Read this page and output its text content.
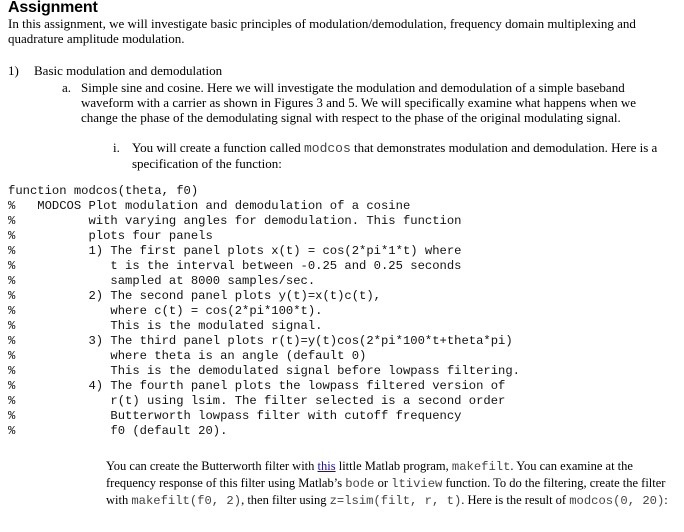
Assignment
In this assignment, we will investigate basic principles of modulation/demodulation, frequency domain multiplexing and quadrature amplitude modulation.
1) Basic modulation and demodulation
a. Simple sine and cosine. Here we will investigate the modulation and demodulation of a simple baseband waveform with a carrier as shown in Figures 3 and 5. We will specifically examine what happens when we change the phase of the demodulating signal with respect to the phase of the original modulating signal.
i. You will create a function called modcos that demonstrates modulation and demodulation. Here is a specification of the function:
function modcos(theta, f0)
%   MODCOS Plot modulation and demodulation of a cosine
%          with varying angles for demodulation. This function
%          plots four panels
%          1) The first panel plots x(t) = cos(2*pi*1*t) where
%             t is the interval between -0.25 and 0.25 seconds
%             sampled at 8000 samples/sec.
%          2) The second panel plots y(t)=x(t)c(t),
%             where c(t) = cos(2*pi*100*t).
%             This is the modulated signal.
%          3) The third panel plots r(t)=y(t)cos(2*pi*100*t+theta*pi)
%             where theta is an angle (default 0)
%             This is the demodulated signal before lowpass filtering.
%          4) The fourth panel plots the lowpass filtered version of
%             r(t) using lsim. The filter selected is a second order
%             Butterworth lowpass filter with cutoff frequency
%             f0 (default 20).
You can create the Butterworth filter with this little Matlab program, makefilt. You can examine at the frequency response of this filter using Matlab’s bode or ltiview function. To do the filtering, create the filter with makefilt(f0, 2), then filter using z=lsim(filt, r, t). Here is the result of modcos(0, 20):
